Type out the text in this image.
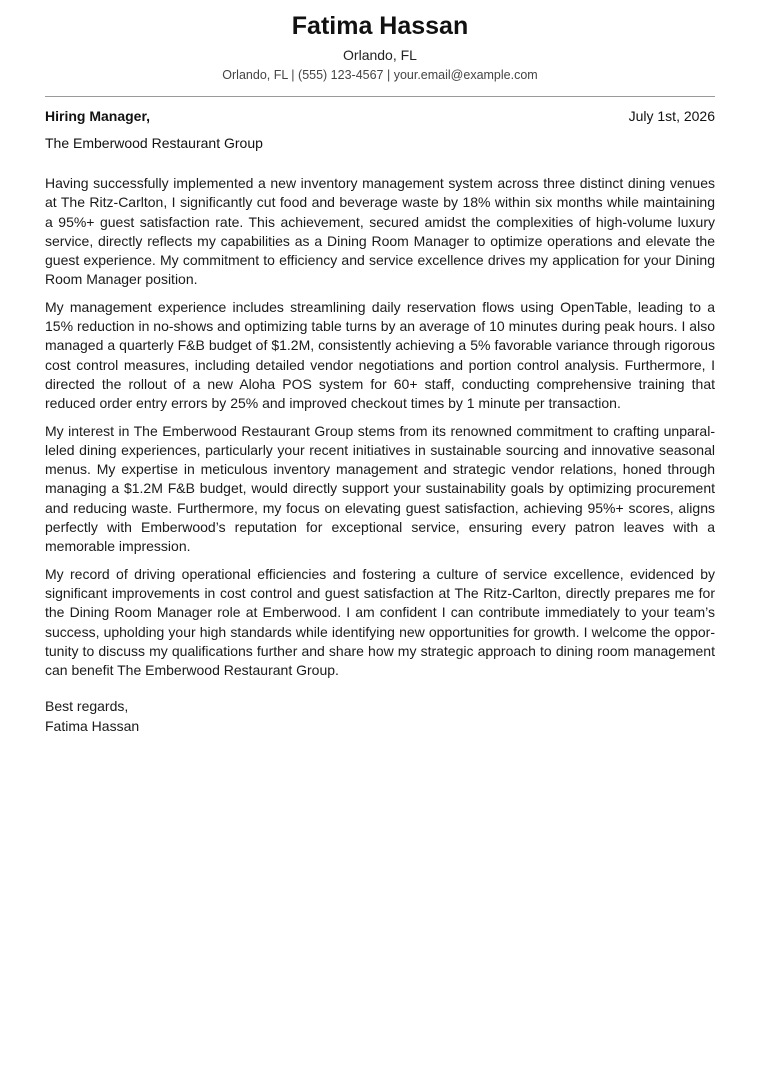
Fatima Hassan
Orlando, FL
Orlando, FL | (555) 123-4567 | your.email@example.com
Hiring Manager,	July 1st, 2026
The Emberwood Restaurant Group

Having successfully implemented a new inventory management system across three distinct dining venues at The Ritz-Carlton, I significantly cut food and beverage waste by 18% within six months while maintaining a 95%+ guest satisfaction rate. This achievement, secured amidst the complexities of high-volume luxury service, directly reflects my capabilities as a Dining Room Manager to optimize operations and elevate the guest experience. My commitment to efficiency and service excellence drives my application for your Dining Room Manager position.

My management experience includes streamlining daily reservation flows using OpenTable, leading to a 15% reduction in no-shows and optimizing table turns by an average of 10 minutes during peak hours. I also managed a quarterly F&B budget of $1.2M, consistently achieving a 5% favorable variance through rigorous cost control measures, including detailed vendor negotiations and portion control analysis. Furthermore, I directed the rollout of a new Aloha POS system for 60+ staff, conducting comprehensive training that reduced order entry errors by 25% and improved checkout times by 1 minute per transaction.

My interest in The Emberwood Restaurant Group stems from its renowned commitment to crafting unparalleled dining experiences, particularly your recent initiatives in sustainable sourcing and innovative seasonal menus. My expertise in meticulous inventory management and strategic vendor relations, honed through managing a $1.2M F&B budget, would directly support your sustainability goals by optimizing procurement and reducing waste. Furthermore, my focus on elevating guest satisfaction, achieving 95%+ scores, aligns perfectly with Emberwood’s reputation for exceptional service, ensuring every patron leaves with a memorable impression.

My record of driving operational efficiencies and fostering a culture of service excellence, evidenced by significant improvements in cost control and guest satisfaction at The Ritz-Carlton, directly prepares me for the Dining Room Manager role at Emberwood. I am confident I can contribute immediately to your team’s success, upholding your high standards while identifying new opportunities for growth. I welcome the opportunity to discuss my qualifications further and share how my strategic approach to dining room management can benefit The Emberwood Restaurant Group.

Best regards,
Fatima Hassan
